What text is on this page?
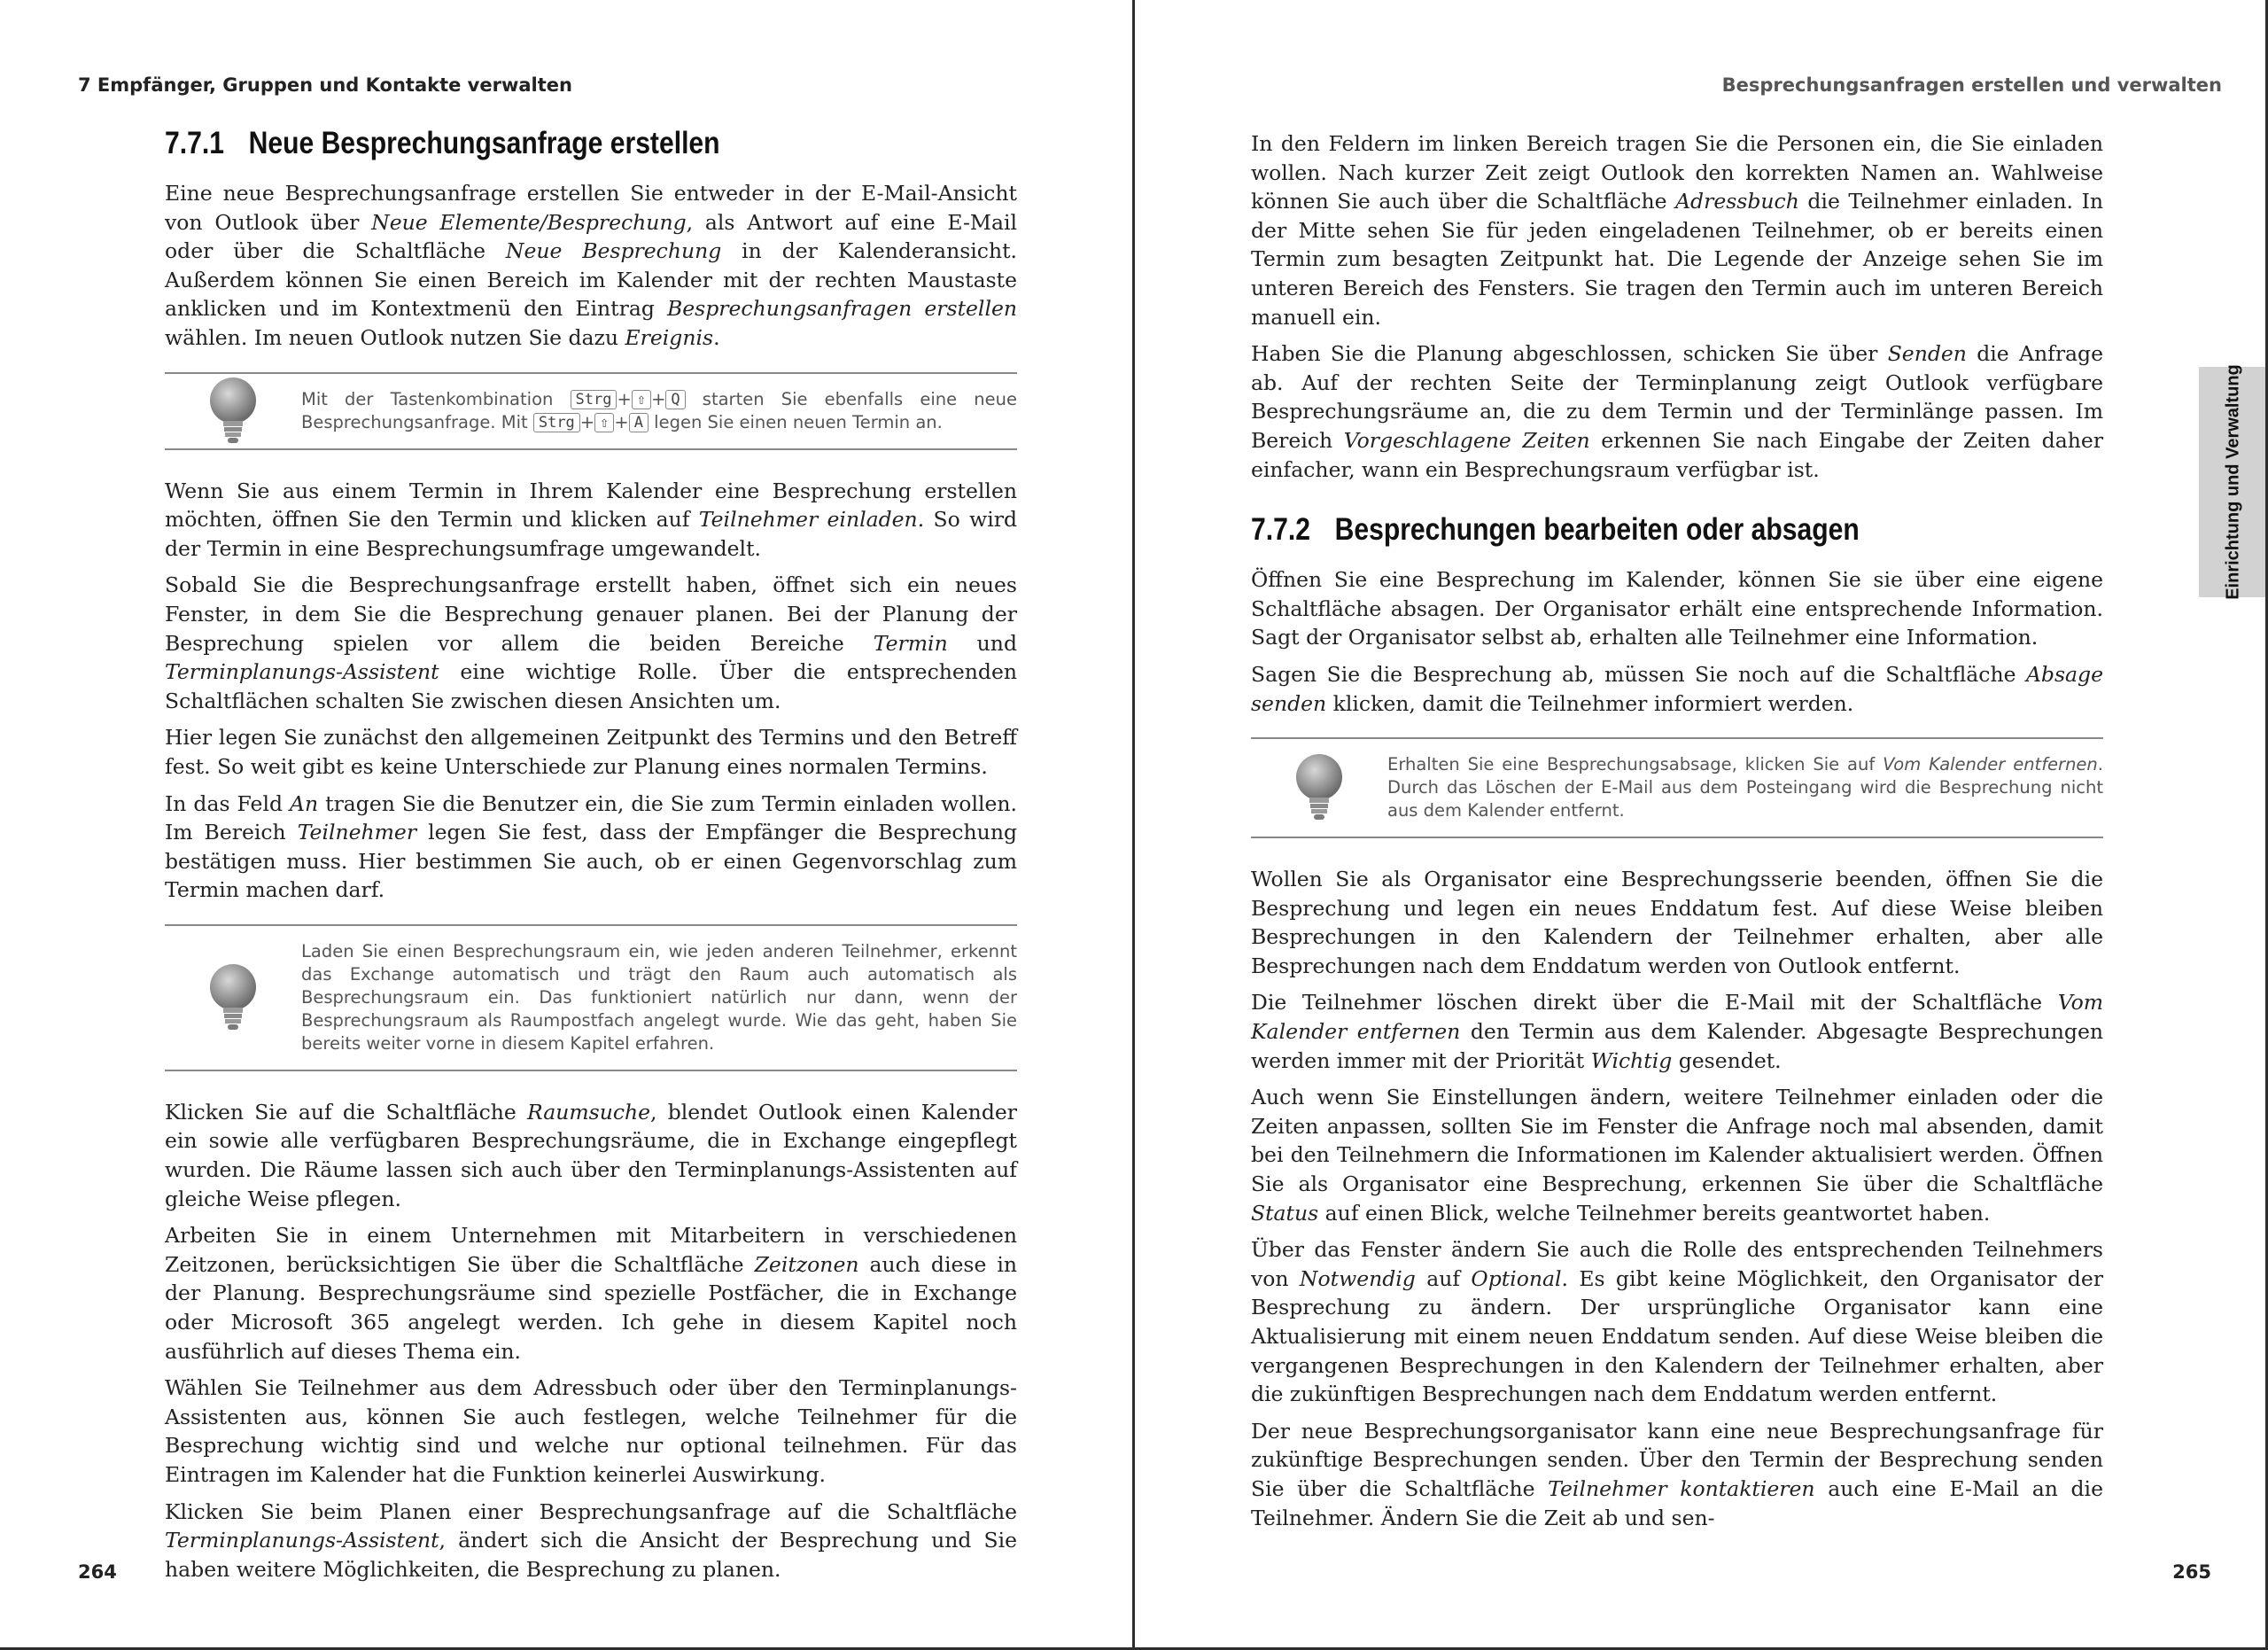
7 Empfänger, Gruppen und Kontakte verwalten
7.7.1 Neue Besprechungsanfrage erstellen

Eine neue Besprechungsanfrage erstellen Sie entweder in der E-Mail-Ansicht von Outlook über Neue Elemente/Besprechung, als Antwort auf eine E-Mail oder über die Schaltfläche Neue Besprechung in der Kalenderansicht. Außerdem können Sie einen Bereich im Kalender mit der rechten Maustaste anklicken und im Kontextmenü den Eintrag Besprechungsanfragen erstellen wählen. Im neuen Outlook nutzen Sie dazu Ereignis.

Mit der Tastenkombination Strg + ⇧ + Q starten Sie ebenfalls eine neue Besprechungsanfrage. Mit Strg + ⇧ + A legen Sie einen neuen Termin an.

Wenn Sie aus einem Termin in Ihrem Kalender eine Besprechung erstellen möchten, öffnen Sie den Termin und klicken auf Teilnehmer einladen. So wird der Termin in eine Besprechungsumfrage umgewandelt.

Sobald Sie die Besprechungsanfrage erstellt haben, öffnet sich ein neues Fenster, in dem Sie die Besprechung genauer planen. Bei der Planung der Besprechung spielen vor allem die beiden Bereiche Termin und Terminplanungs-Assistent eine wichtige Rolle. Über die entsprechenden Schaltflächen schalten Sie zwischen diesen Ansichten um.

Hier legen Sie zunächst den allgemeinen Zeitpunkt des Termins und den Betreff fest. So weit gibt es keine Unterschiede zur Planung eines normalen Termins.

In das Feld An tragen Sie die Benutzer ein, die Sie zum Termin einladen wollen. Im Bereich Teilnehmer legen Sie fest, dass der Empfänger die Besprechung bestätigen muss. Hier bestimmen Sie auch, ob er einen Gegenvorschlag zum Termin machen darf.

Laden Sie einen Besprechungsraum ein, wie jeden anderen Teilnehmer, erkennt das Exchange automatisch und trägt den Raum auch automatisch als Besprechungsraum ein. Das funktioniert natürlich nur dann, wenn der Besprechungsraum als Raumpostfach angelegt wurde. Wie das geht, haben Sie bereits weiter vorne in diesem Kapitel erfahren.

Klicken Sie auf die Schaltfläche Raumsuche, blendet Outlook einen Kalender ein sowie alle verfügbaren Besprechungsräume, die in Exchange eingepflegt wurden. Die Räume lassen sich auch über den Terminplanungs-Assistenten auf gleiche Weise pflegen.

Arbeiten Sie in einem Unternehmen mit Mitarbeitern in verschiedenen Zeitzonen, berücksichtigen Sie über die Schaltfläche Zeitzonen auch diese in der Planung. Besprechungsräume sind spezielle Postfächer, die in Exchange oder Microsoft 365 angelegt werden. Ich gehe in diesem Kapitel noch ausführlich auf dieses Thema ein.

Wählen Sie Teilnehmer aus dem Adressbuch oder über den Terminplanungs-Assistenten aus, können Sie auch festlegen, welche Teilnehmer für die Besprechung wichtig sind und welche nur optional teilnehmen. Für das Eintragen im Kalender hat die Funktion keinerlei Auswirkung.

Klicken Sie beim Planen einer Besprechungsanfrage auf die Schaltfläche Terminplanungs-Assistent, ändert sich die Ansicht der Besprechung und Sie haben weitere Möglichkeiten, die Besprechung zu planen.

264
Besprechungsanfragen erstellen und verwalten

In den Feldern im linken Bereich tragen Sie die Personen ein, die Sie einladen wollen. Nach kurzer Zeit zeigt Outlook den korrekten Namen an. Wahlweise können Sie auch über die Schaltfläche Adressbuch die Teilnehmer einladen. In der Mitte sehen Sie für jeden eingeladenen Teilnehmer, ob er bereits einen Termin zum besagten Zeitpunkt hat. Die Legende der Anzeige sehen Sie im unteren Bereich des Fensters. Sie tragen den Termin auch im unteren Bereich manuell ein.

Haben Sie die Planung abgeschlossen, schicken Sie über Senden die Anfrage ab. Auf der rechten Seite der Terminplanung zeigt Outlook verfügbare Besprechungsräume an, die zu dem Termin und der Terminlänge passen. Im Bereich Vorgeschlagene Zeiten erkennen Sie nach Eingabe der Zeiten daher einfacher, wann ein Besprechungsraum verfügbar ist.

7.7.2 Besprechungen bearbeiten oder absagen

Öffnen Sie eine Besprechung im Kalender, können Sie sie über eine eigene Schaltfläche absagen. Der Organisator erhält eine entsprechende Information. Sagt der Organisator selbst ab, erhalten alle Teilnehmer eine Information.

Sagen Sie die Besprechung ab, müssen Sie noch auf die Schaltfläche Absage senden klicken, damit die Teilnehmer informiert werden.

Erhalten Sie eine Besprechungsabsage, klicken Sie auf Vom Kalender entfernen. Durch das Löschen der E-Mail aus dem Posteingang wird die Besprechung nicht aus dem Kalender entfernt.

Wollen Sie als Organisator eine Besprechungsserie beenden, öffnen Sie die Besprechung und legen ein neues Enddatum fest. Auf diese Weise bleiben Besprechungen in den Kalendern der Teilnehmer erhalten, aber alle Besprechungen nach dem Enddatum werden von Outlook entfernt.

Die Teilnehmer löschen direkt über die E-Mail mit der Schaltfläche Vom Kalender entfernen den Termin aus dem Kalender. Abgesagte Besprechungen werden immer mit der Priorität Wichtig gesendet.

Auch wenn Sie Einstellungen ändern, weitere Teilnehmer einladen oder die Zeiten anpassen, sollten Sie im Fenster die Anfrage noch mal absenden, damit bei den Teilnehmern die Informationen im Kalender aktualisiert werden. Öffnen Sie als Organisator eine Besprechung, erkennen Sie über die Schaltfläche Status auf einen Blick, welche Teilnehmer bereits geantwortet haben.

Über das Fenster ändern Sie auch die Rolle des entsprechenden Teilnehmers von Notwendig auf Optional. Es gibt keine Möglichkeit, den Organisator der Besprechung zu ändern. Der ursprüngliche Organisator kann eine Aktualisierung mit einem neuen Enddatum senden. Auf diese Weise bleiben die vergangenen Besprechungen in den Kalendern der Teilnehmer erhalten, aber die zukünftigen Besprechungen nach dem Enddatum werden entfernt.

Der neue Besprechungsorganisator kann eine neue Besprechungsanfrage für zukünftige Besprechungen senden. Über den Termin der Besprechung senden Sie über die Schaltfläche Teilnehmer kontaktieren auch eine E-Mail an die Teilnehmer. Ändern Sie die Zeit ab und sen-

265
Einrichtung und Verwaltung
